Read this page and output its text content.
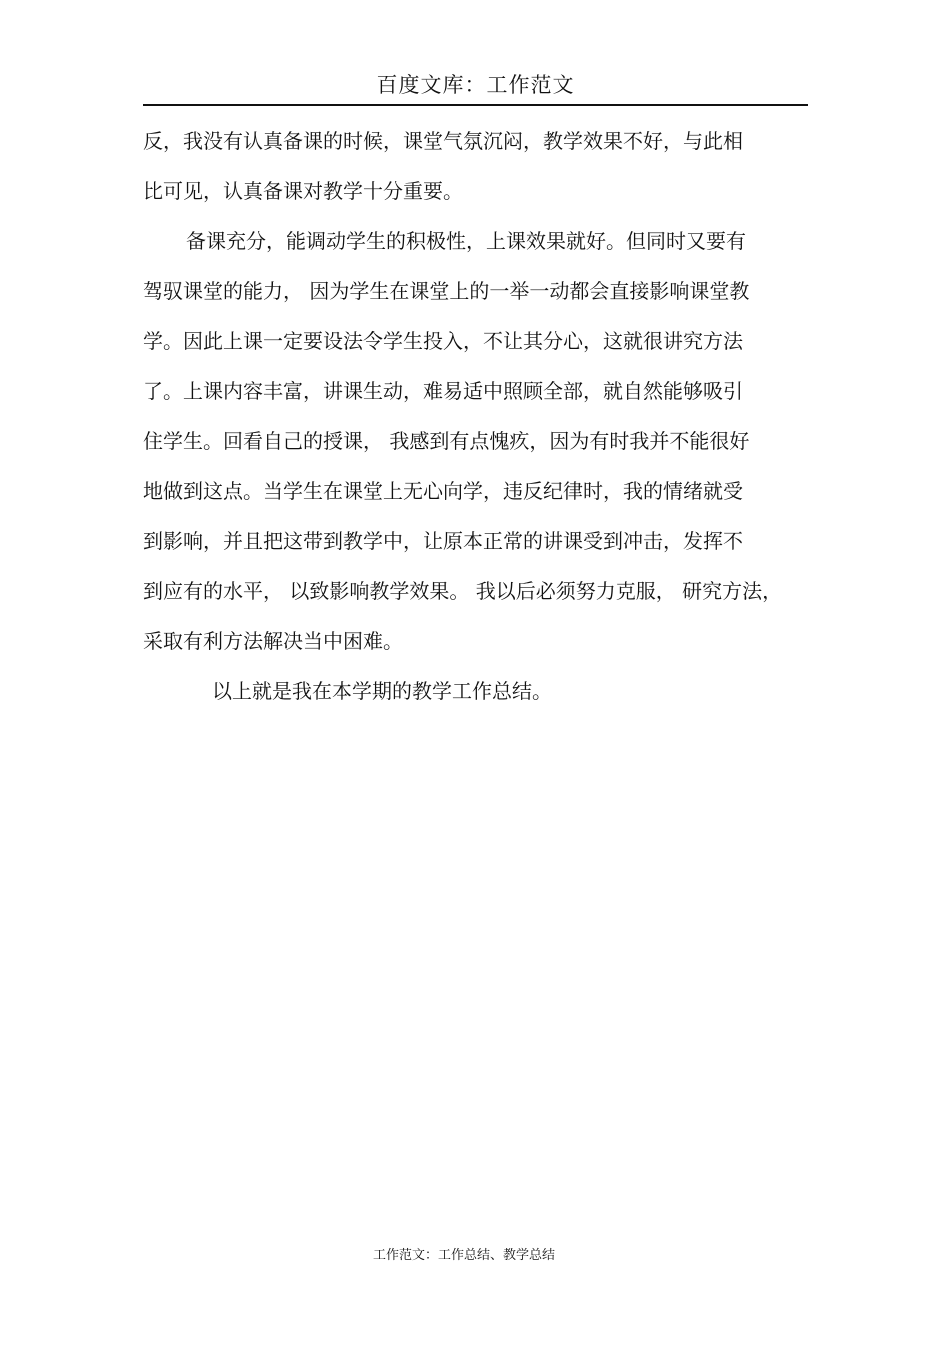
百度文库：工作范文
反，我没有认真备课的时候，课堂气氛沉闷，教学效果不好，与此相
比可见，认真备课对教学十分重要。
备课充分，能调动学生的积极性，上课效果就好。但同时又要有
驾驭课堂的能力， 因为学生在课堂上的一举一动都会直接影响课堂教
学。因此上课一定要设法令学生投入，不让其分心，这就很讲究方法
了。上课内容丰富，讲课生动，难易适中照顾全部，就自然能够吸引
住学生。回看自己的授课， 我感到有点愧疚，因为有时我并不能很好
地做到这点。当学生在课堂上无心向学，违反纪律时，我的情绪就受
到影响，并且把这带到教学中，让原本正常的讲课受到冲击，发挥不
到应有的水平， 以致影响教学效果。 我以后必须努力克服， 研究方法，
采取有利方法解决当中困难。
以上就是我在本学期的教学工作总结。
工作范文：工作总结、教学总结
